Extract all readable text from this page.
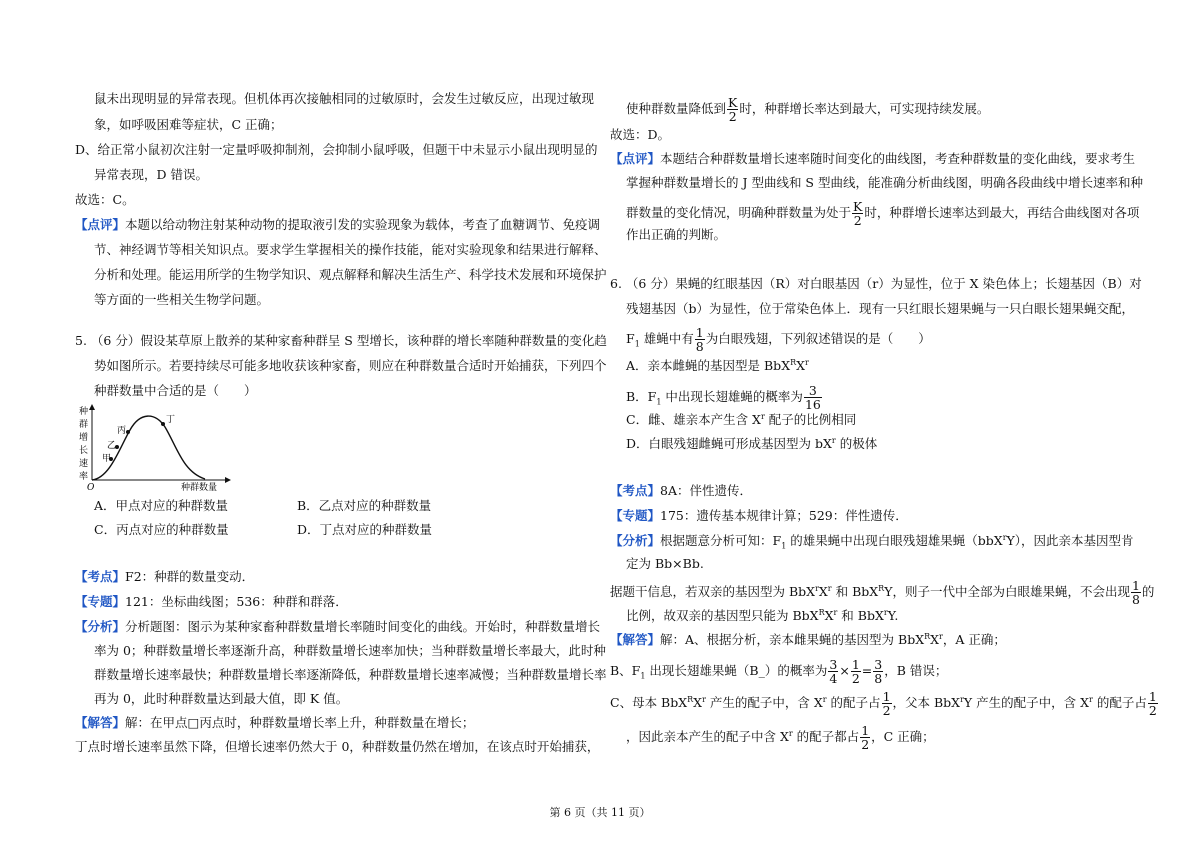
鼠未出现明显的异常表现。但机体再次接触相同的过敏原时，会发生过敏反应，出现过敏现
象，如呼吸困难等症状，C 正确；
D、给正常小鼠初次注射一定量呼吸抑制剂，会抑制小鼠呼吸，但题干中未显示小鼠出现明显的
异常表现，D 错误。
故选：C。
【点评】本题以给动物注射某种动物的提取液引发的实验现象为载体，考查了血糖调节、免疫调
节、神经调节等相关知识点。要求学生掌握相关的操作技能，能对实验现象和结果进行解释、
分析和处理。能运用所学的生物学知识、观点解释和解决生活生产、科学技术发展和环境保护
等方面的一些相关生物学问题。
5. （6 分）假设某草原上散养的某种家畜种群呈 S 型增长，该种群的增长率随种群数量的变化趋
势如图所示。若要持续尽可能多地收获该种家畜，则应在种群数量合适时开始捕获，下列四个
种群数量中合适的是（　　）
甲
乙
丙
丁
种
群
增
长
速
率
O	种群数量
A．甲点对应的种群数量	B．乙点对应的种群数量
C．丙点对应的种群数量	D．丁点对应的种群数量
【考点】F2：种群的数量变动．
【专题】121：坐标曲线图；536：种群和群落．
【分析】分析题图：图示为某种家畜种群数量增长率随时间变化的曲线。开始时，种群数量增长
率为 0；种群数量增长率逐渐升高，种群数量增长速率加快；当种群数量增长率最大，此时种
群数量增长速率最快；种群数量增长率逐渐降低，种群数量增长速率减慢；当种群数量增长率
再为 0，此时种群数量达到最大值，即 K 值。
【解答】解：在甲点□丙点时，种群数量增长率上升，种群数量在增长；
丁点时增长速率虽然下降，但增长速率仍然大于 0，种群数量仍然在增加，在该点时开始捕获，
使种群数量降低到 $\frac{K}{2}$ 时，种群增长率达到最大，可实现持续发展。
故选：D。
【点评】本题结合种群数量增长速率随时间变化的曲线图，考查种群数量的变化曲线，要求考生
掌握种群数量增长的 J 型曲线和 S 型曲线，能准确分析曲线图，明确各段曲线中增长速率和种
群数量的变化情况，明确种群数量为处于 $\frac{K}{2}$ 时，种群增长速率达到最大，再结合曲线图对各项
作出正确的判断。
6. （6 分）果蝇的红眼基因（R）对白眼基因（r）为显性，位于 X 染色体上；长翅基因（B）对
残翅基因（b）为显性，位于常染色体上．现有一只红眼长翅果蝇与一只白眼长翅果蝇交配，
$F_1$ 雄蝇中有 $\frac{1}{8}$ 为白眼残翅，下列叙述错误的是（　　）
A．亲本雌蝇的基因型是 $BbX^RX^r$
B．$F_1$ 中出现长翅雄蝇的概率为 $\frac{3}{16}$
C．雌、雄亲本产生含 $X^r$ 配子的比例相同
D．白眼残翅雌蝇可形成基因型为 $bX^r$ 的极体
【考点】8A：伴性遗传．
【专题】175：遗传基本规律计算；529：伴性遗传．
【分析】根据题意分析可知：$F_1$ 的雄果蝇中出现白眼残翅雄果蝇（bbX$^r$Y），因此亲本基因型肯
定为 Bb×Bb.
据题干信息，若双亲的基因型为 $BbX^rX^r$ 和 BbX$^R$Y，则子一代中全部为白眼雄果蝇，不会出现 $\frac{1}{8}$ 的
比例，故双亲的基因型只能为 $BbX^RX^r$ 和 BbX$^r$Y.
【解答】解：A、根据分析，亲本雌果蝇的基因型为 $BbX^RX^r$，A 正确；
B、$F_1$ 出现长翅雄果蝇（B_）的概率为 $\frac{3}{4} \times \frac{1}{2} = \frac{3}{8}$ ，B 错误；
C、母本 $BbX^RX^r$ 产生的配子中，含 $X^r$ 的配子占 $\frac{1}{2}$ ，父本 BbX$^r$Y 产生的配子中，含 $X^r$ 的配子占 $\frac{1}{2}$
，因此亲本产生的配子中含 $X^r$ 的配子都占 $\frac{1}{2}$ ，C 正确；
第 6 页（共 11 页）
